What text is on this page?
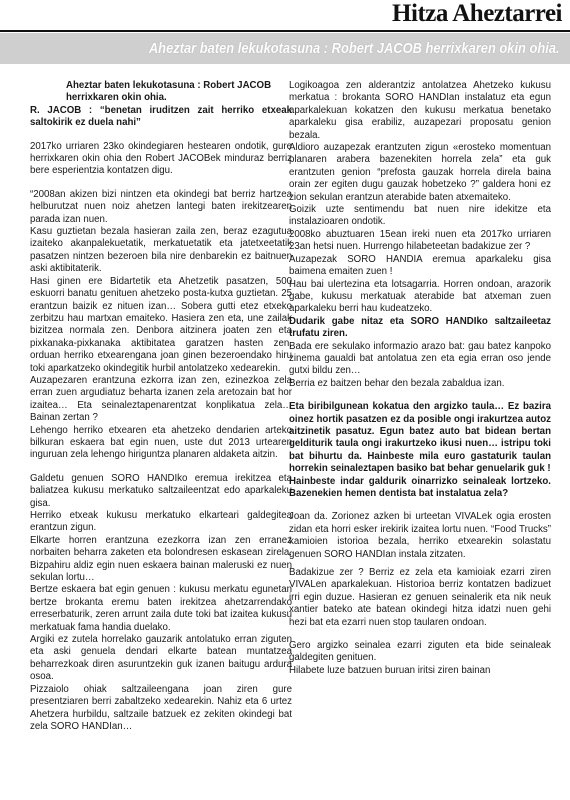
Hitza Aheztarrei
Aheztar baten lekukotasuna : Robert JACOB herrixkaren okin ohia.

Aheztar baten lekukotasuna : Robert JACOB herrixkaren okin ohia.

R. JACOB : “benetan iruditzen zait herriko etxeak saltokirik ez duela nahi”

2017ko urriaren 23ko okindegiaren hestearen ondotik, gure herrixkaren okin ohia den Robert JACOBek minduraz berriz bere esperientzia kontatzen digu.

“2008an akizen bizi nintzen eta okindegi bat berriz hartzea helburutzat nuen noiz ahetzen lantegi baten irekitzearen parada izan nuen.

Kasu guztietan bezala hasieran zaila zen, beraz ezagutua izaiteko akanpalekuetatik, merkatuetatik eta jatetxeetatik pasatzen nintzen bezeroen bila nire denbarekin ez baitnuen aski aktibitaterik.

Hasi ginen ere Bidartetik eta Ahetzetik pasatzen, 500 eskuorri banatu genituen ahetzeko posta-kutxa guztietan. 25 erantzun baizik ez nituen izan… Sobera gutti etez etxeko zerbitzu hau martxan emaiteko. Hasiera zen eta, une zailak bizitzea normala zen. Denbora aitzinera joaten zen eta pixkanaka-pixkanaka aktibitatea garatzen hasten zen, orduan herriko etxearengana joan ginen bezeroendako hiru toki aparkatzeko okindegitik hurbil antolatzeko xedearekin.

Auzapezaren erantzuna ezkorra izan zen, ezinezkoa zela erran zuen argudiatuz beharta izanen zela aretozain bat hor izaitea… Eta seinaleztapenarentzat konplikatua zela… Bainan zertan ?

Lehengo herriko etxearen eta ahetzeko dendarien arteko bilkuran eskaera bat egin nuen, uste dut 2013 urtearen inguruan zela lehengo hiriguntza planaren aldaketa aitzin.

Galdetu genuen SORO HANDIko eremua irekitzea eta baliatzea kukusu merkatuko saltzaileentzat edo aparkaleku gisa.

Herriko etxeak kukusu merkatuko elkarteari galdegitea erantzun zigun.

Elkarte horren erantzuna ezezkorra izan zen erranez norbaiten beharra zaketen eta bolondresen eskasean zirela. Bizpahiru aldiz egin nuen eskaera bainan maleruski ez nuen sekulan lortu…

Bertze eskaera bat egin genuen : kukusu merkatu egunetan bertze brokanta eremu baten irekitzea ahetzarrendako erreserbaturik, zeren arrunt zaila dute toki bat izaitea kukusu merkatuak fama handia duelako.

Argiki ez zutela horrelako gauzarik antolatuko erran ziguten eta aski genuela dendari elkarte batean muntatzea beharrezkoak diren asuruntzekin guk izanen baitugu ardura osoa.

Pizzaiolo ohiak saltzaileengana joan ziren gure presentziaren berri zabaltzeko xedearekin. Nahiz eta 6 urtez Ahetzera hurbildu, saltzaile batzuek ez zekiten okindegi bat zela SORO HANDIan…

Logikoagoa zen alderantziz antolatzea Ahetzeko kukusu merkatua : brokanta SORO HANDIan instalatuz eta egun aparkalekuan kokatzen den kukusu merkatua benetako aparkaleku gisa erabiliz, auzapezari proposatu genion bezala.

Aldioro auzapezak erantzuten zigun «erosteko momentuan planaren arabera bazenekiten horrela zela” eta guk erantzuten genion “prefosta gauzak horrela direla baina orain zer egiten dugu gauzak hobetzeko ?” galdera honi ez zion sekulan erantzun aterabide baten atxemaiteko.

Goizik uzte sentimendu bat nuen nire idekitze eta instalazioaren ondotik.

2008ko abuztuaren 15ean ireki nuen eta 2017ko urriaren 23an hetsi nuen. Hurrengo hilabeteetan badakizue zer ?

Auzapezak SORO HANDIA eremua aparkaleku gisa baimena emaiten zuen !

Hau bai ulertezina eta lotsagarria. Horren ondoan, arazorik gabe, kukusu merkatuak aterabide bat atxeman zuen aparkaleku berri hau kudeatzeko.

Dudarik gabe nitaz eta SORO HANDIko saltzaileetaz trufatu ziren.

Bada ere sekulako informazio arazo bat: gau batez kanpoko zinema gaualdi bat antolatua zen eta egia erran oso jende gutxi bildu zen…

Berria ez baitzen behar den bezala zabaldua izan.

Eta biribilgunean kokatua den argizko taula… Ez bazira oinez hortik pasatzen ez da posible ongi irakurtzea autoz aitzinetik pasatuz. Egun batez auto bat bidean bertan gelditurik taula ongi irakurtzeko ikusi nuen… istripu toki bat bihurtu da. Hainbeste mila euro gastaturik taulan horrekin seinaleztapen basiko bat behar genuelarik guk !

Hainbeste indar galdurik oinarrizko seinaleak lortzeko. Bazenekien hemen dentista bat instalatua zela?

Joan da. Zorionez azken bi urteetan VIVALek ogia erosten zidan eta horri esker irekirik izaitea lortu nuen. “Food Trucks” kamioien istorioa bezala, herriko etxearekin solastatu genuen SORO HANDIan instala zitzaten.

Badakizue zer ? Berriz ez zela eta kamioiak ezarri ziren VIVALen aparkalekuan. Historioa berriz kontatzen badizuet irri egin duzue. Hasieran ez genuen seinalerik eta nik neuk xantier bateko ate batean okindegi hitza idatzi nuen gehi hezi bat eta ezarri nuen stop taularen ondoan.

Gero argizko seinalea ezarri ziguten eta bide seinaleak galdegiten genituen.

Hilabete luze batzuen buruan iritsi ziren bainan
